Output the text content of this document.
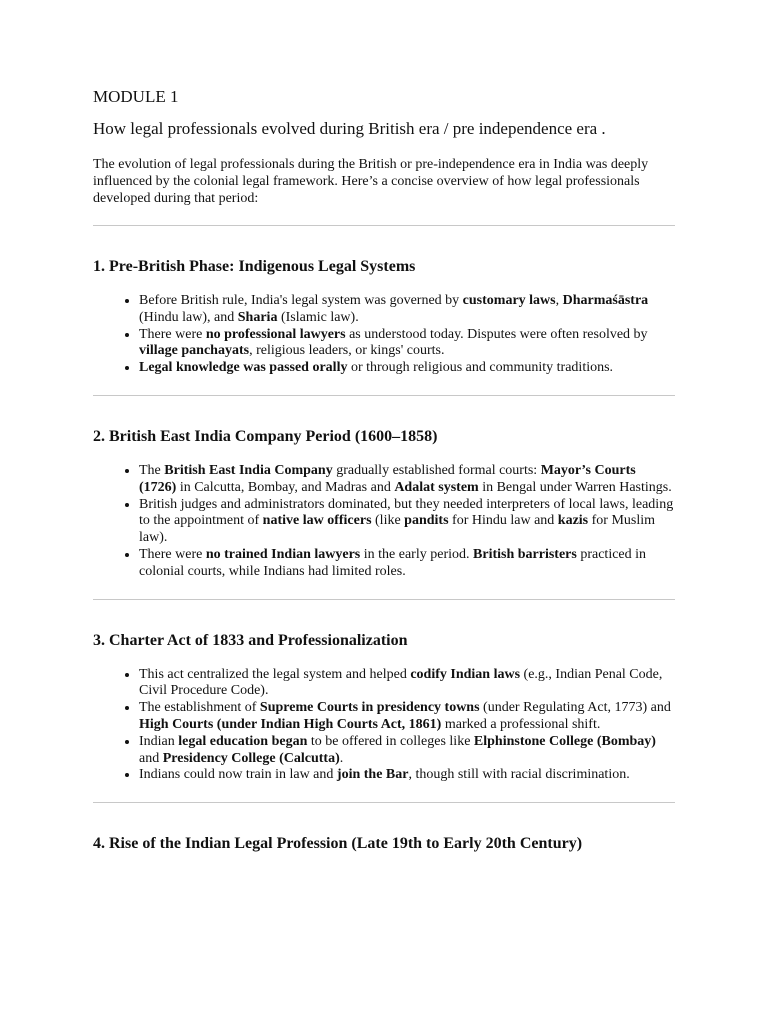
MODULE 1

How legal professionals evolved during British era / pre independence era .

The evolution of legal professionals during the British or pre-independence era in India was deeply influenced by the colonial legal framework. Here’s a concise overview of how legal professionals developed during that period:

1. Pre-British Phase: Indigenous Legal Systems
• Before British rule, India's legal system was governed by customary laws, Dharmaśāstra (Hindu law), and Sharia (Islamic law).
• There were no professional lawyers as understood today. Disputes were often resolved by village panchayats, religious leaders, or kings' courts.
• Legal knowledge was passed orally or through religious and community traditions.
2. British East India Company Period (1600–1858)
• The British East India Company gradually established formal courts: Mayor’s Courts (1726) in Calcutta, Bombay, and Madras and Adalat system in Bengal under Warren Hastings.
• British judges and administrators dominated, but they needed interpreters of local laws, leading to the appointment of native law officers (like pandits for Hindu law and kazis for Muslim law).
• There were no trained Indian lawyers in the early period. British barristers practiced in colonial courts, while Indians had limited roles.
3. Charter Act of 1833 and Professionalization
• This act centralized the legal system and helped codify Indian laws (e.g., Indian Penal Code, Civil Procedure Code).
• The establishment of Supreme Courts in presidency towns (under Regulating Act, 1773) and High Courts (under Indian High Courts Act, 1861) marked a professional shift.
• Indian legal education began to be offered in colleges like Elphinstone College (Bombay) and Presidency College (Calcutta).
• Indians could now train in law and join the Bar, though still with racial discrimination.
4. Rise of the Indian Legal Profession (Late 19th to Early 20th Century)
